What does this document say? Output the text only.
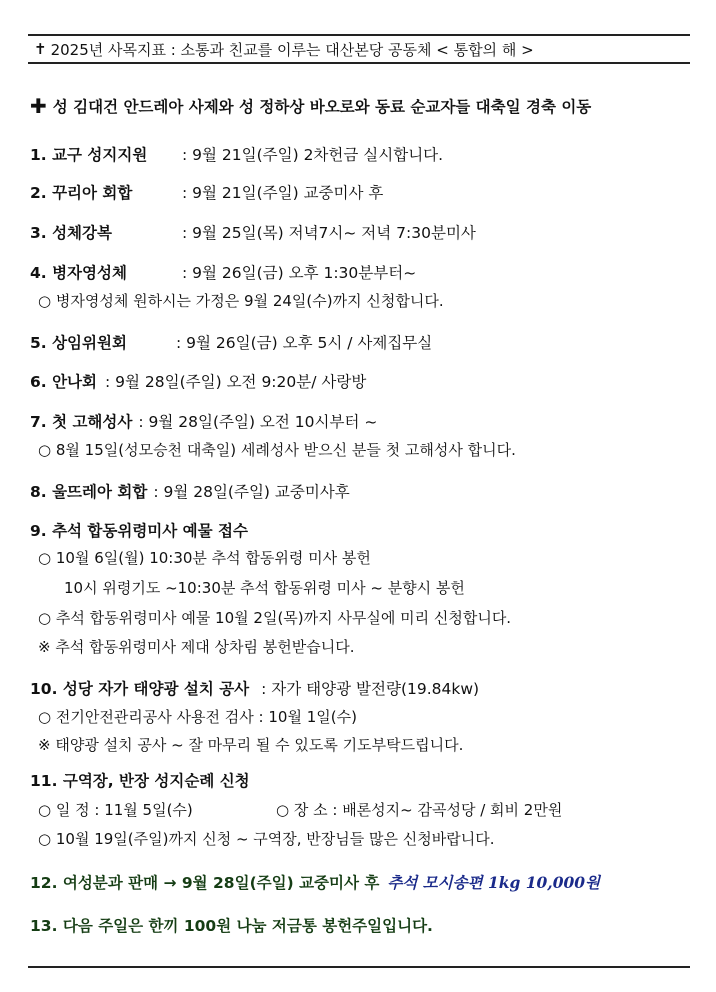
✝ 2025년 사목지표 : 소통과 친교를 이루는 대산본당 공동체 < 통합의 해 >
✚ 성 김대건 안드레아 사제와 성 정하상 바오로와 동료 순교자들 대축일 경축 이동
1. 교구 성지지원 : 9월 21일(주일) 2차헌금 실시합니다.
2. 꾸리아 회합	: 9월 21일(주일) 교중미사 후
3. 성체강복	: 9월 25일(목) 저녁7시~ 저녁 7:30분미사
4. 병자영성체	: 9월 26일(금) 오후 1:30분부터~
○ 병자영성체 원하시는 가정은 9월 24일(수)까지 신청합니다.
5. 상임위원회	: 9월 26일(금) 오후 5시 / 사제집무실
6. 안나회 : 9월 28일(주일) 오전 9:20분/ 사랑방
7. 첫 고해성사 : 9월 28일(주일) 오전 10시부터 ~
○ 8월 15일(성모승천 대축일) 세례성사 받으신 분들 첫 고해성사 합니다.
8. 울뜨레아 회합 : 9월 28일(주일) 교중미사후
9. 추석 합동위령미사 예물 접수
○ 10월 6일(월) 10:30분 추석 합동위령 미사 봉헌
10시 위령기도 ~10:30분 추석 합동위령 미사 ~ 분향시 봉헌
○ 추석 합동위령미사 예물 10월 2일(목)까지 사무실에 미리 신청합니다.
※ 추석 합동위령미사 제대 상차림 봉헌받습니다.
10. 성당 자가 태양광 설치 공사 : 자가 태양광 발전량(19.84kw)
○ 전기안전관리공사 사용전 검사 : 10월 1일(수)
※ 태양광 설치 공사 ~ 잘 마무리 될 수 있도록 기도부탁드립니다.
11. 구역장, 반장 성지순례 신청
○ 일 정 : 11월 5일(수)	○ 장 소 : 배론성지~ 감곡성당 / 회비 2만원
○ 10월 19일(주일)까지 신청 ~ 구역장, 반장님들 많은 신청바랍니다.
12. 여성분과 판매 → 9월 28일(주일) 교중미사 후 추석 모시송편 1kg 10,000원
13. 다음 주일은 한끼 100원 나눔 저금통 봉헌주일입니다.
